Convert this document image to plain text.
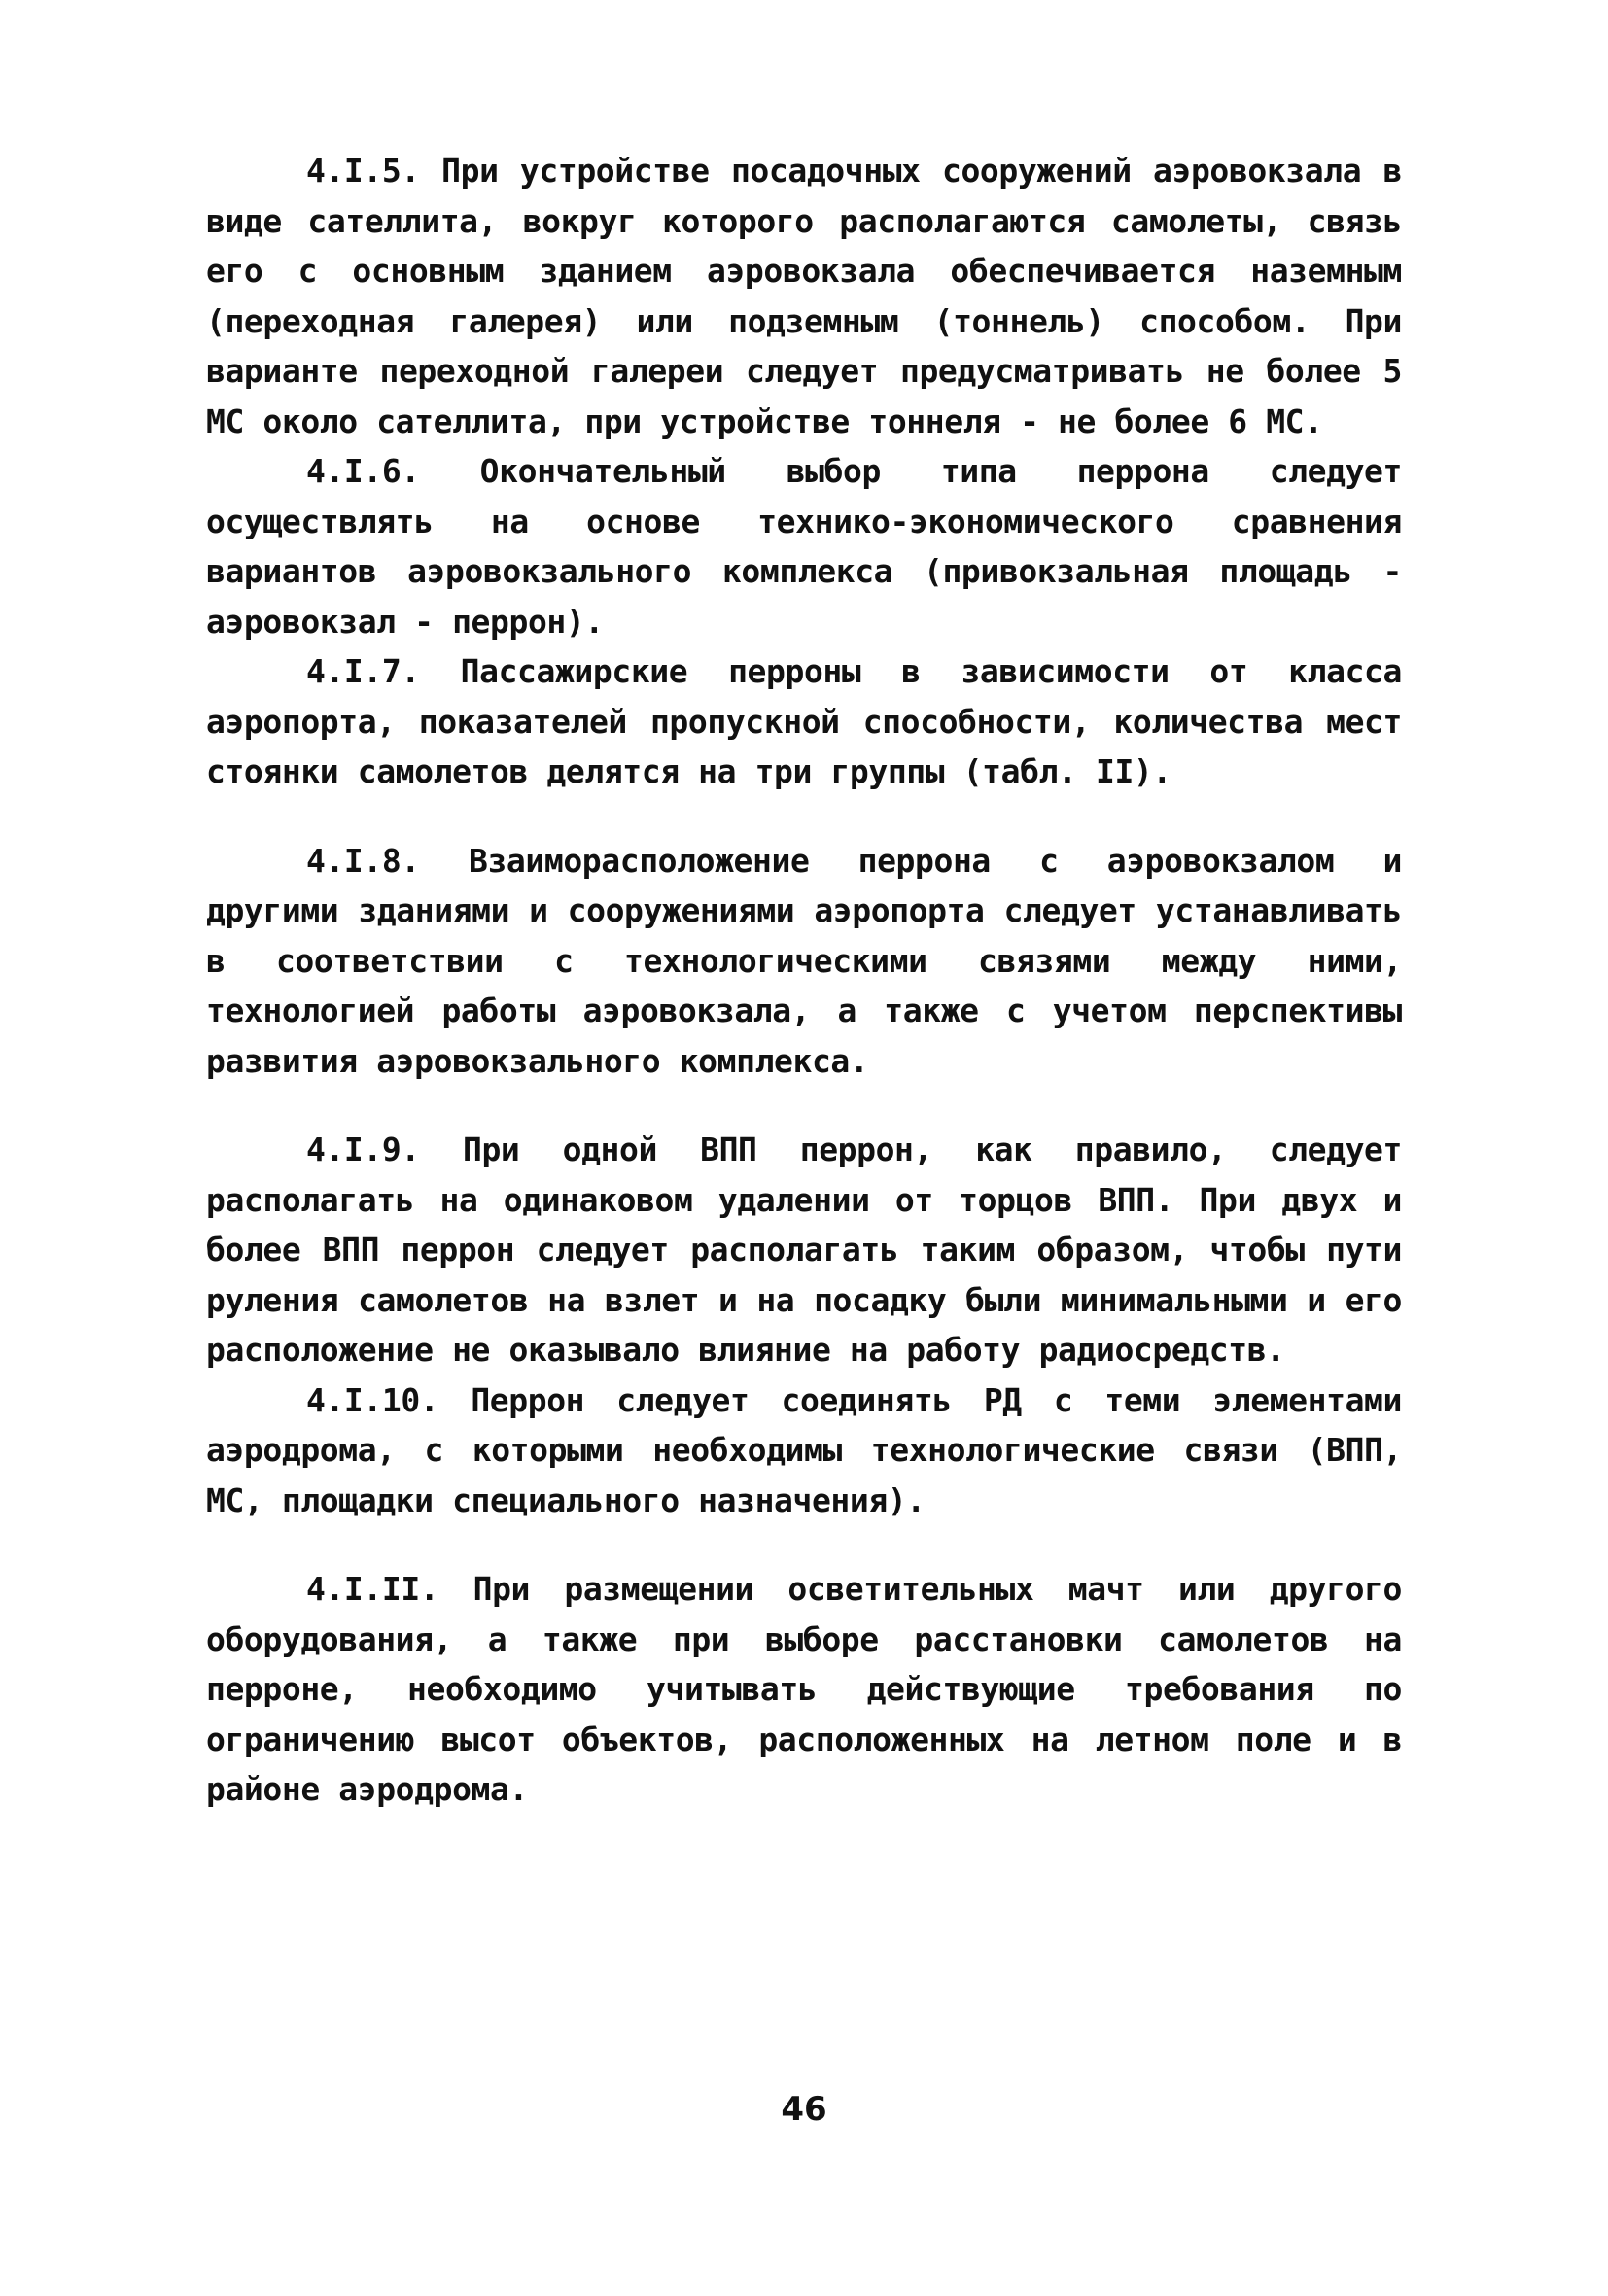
4.I.5. При устройстве посадочных сооружений аэровокзала в виде сателлита, вокруг которого располагаются самолеты, связь его с основным зданием аэровокзала обеспечивается наземным (переходная галерея) или подземным (тоннель) способом. При варианте переходной галереи следует предусматривать не более 5 МС около сателлита, при устройстве тоннеля - не более 6 МС.

4.I.6. Окончательный выбор типа перрона следует осуществлять на основе технико-экономического сравнения вариантов аэровокзального комплекса (привокзальная площадь - аэровокзал - перрон).

4.I.7. Пассажирские перроны в зависимости от класса аэропорта, показателей пропускной способности, количества мест стоянки самолетов делятся на три группы (табл. II).

4.I.8. Взаиморасположение перрона с аэровокзалом и другими зданиями и сооружениями аэропорта следует устанавливать в соответствии с технологическими связями между ними, технологией работы аэровокзала, а также с учетом перспективы развития аэровокзального комплекса.

4.I.9. При одной ВПП перрон, как правило, следует располагать на одинаковом удалении от торцов ВПП. При двух и более ВПП перрон следует располагать таким образом, чтобы пути руления самолетов на взлет и на посадку были минимальными и его расположение не оказывало влияние на работу радиосредств.

4.I.10. Перрон следует соединять РД с теми элементами аэродрома, с которыми необходимы технологические связи (ВПП, МС, площадки специального назначения).

4.I.II. При размещении осветительных мачт или другого оборудования, а также при выборе расстановки самолетов на перроне, необходимо учитывать действующие требования по ограничению высот объектов, расположенных на летном поле и в районе аэродрома.

46
